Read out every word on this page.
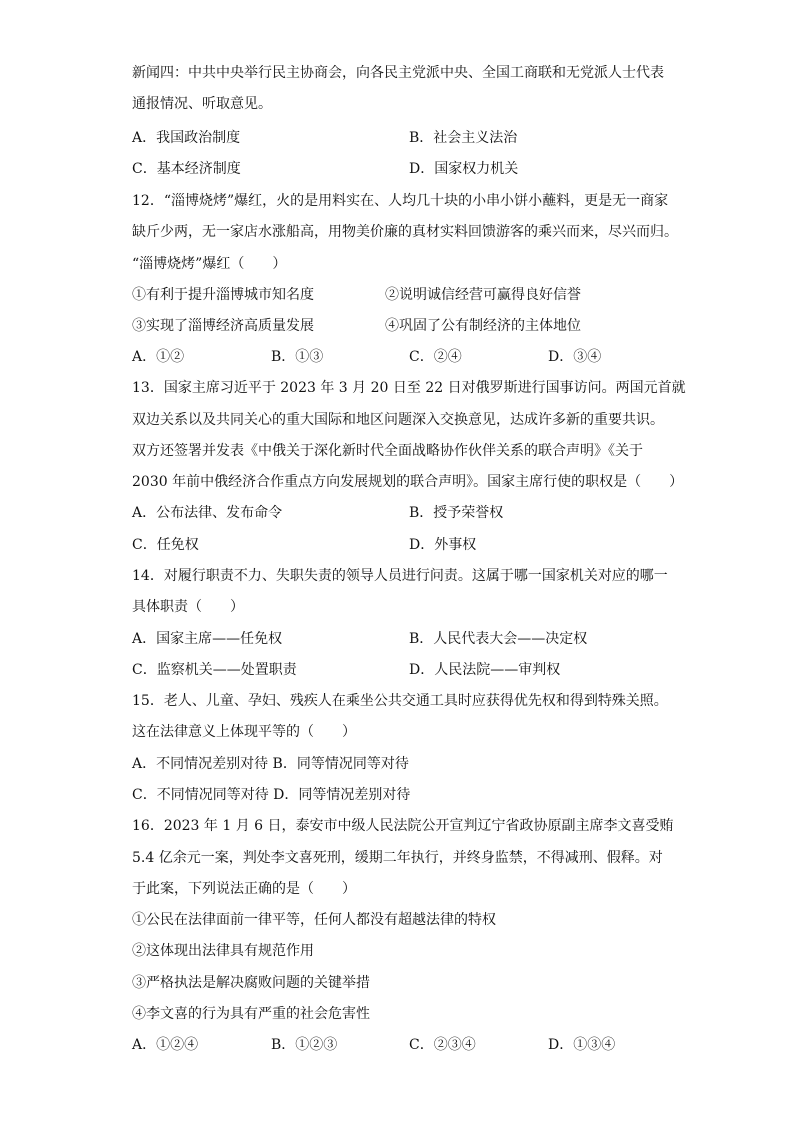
新闻四：中共中央举行民主协商会，向各民主党派中央、全国工商联和无党派人士代表
通报情况、听取意见。
A．我国政治制度	B．社会主义法治
C．基本经济制度	D．国家权力机关
12．“淄博烧烤”爆红，火的是用料实在、人均几十块的小串小饼小蘸料，更是无一商家
缺斤少两，无一家店水涨船高，用物美价廉的真材实料回馈游客的乘兴而来，尽兴而归。
“淄博烧烤”爆红（　　）
①有利于提升淄博城市知名度	②说明诚信经营可赢得良好信誉
③实现了淄博经济高质量发展	④巩固了公有制经济的主体地位
A．①②	B．①③	C．②④	D．③④
13．国家主席习近平于 2023 年 3 月 20 日至 22 日对俄罗斯进行国事访问。两国元首就
双边关系以及共同关心的重大国际和地区问题深入交换意见，达成许多新的重要共识。
双方还签署并发表《中俄关于深化新时代全面战略协作伙伴关系的联合声明》《关于
2030 年前中俄经济合作重点方向发展规划的联合声明》。国家主席行使的职权是（　　）
A．公布法律、发布命令	B．授予荣誉权
C．任免权	D．外事权
14．对履行职责不力、失职失责的领导人员进行问责。这属于哪一国家机关对应的哪一
具体职责（　　）
A．国家主席——任免权	B．人民代表大会——决定权
C．监察机关——处置职责	D．人民法院——审判权
15．老人、儿童、孕妇、残疾人在乘坐公共交通工具时应获得优先权和得到特殊关照。
这在法律意义上体现平等的（　　）
A．不同情况差别对待 B．同等情况同等对待
C．不同情况同等对待 D．同等情况差别对待
16．2023 年 1 月 6 日，泰安市中级人民法院公开宣判辽宁省政协原副主席李文喜受贿
5.4 亿余元一案，判处李文喜死刑，缓期二年执行，并终身监禁，不得减刑、假释。对
于此案，下列说法正确的是（　　）
①公民在法律面前一律平等，任何人都没有超越法律的特权
②这体现出法律具有规范作用
③严格执法是解决腐败问题的关键举措
④李文喜的行为具有严重的社会危害性
A．①②④	B．①②③	C．②③④	D．①③④
